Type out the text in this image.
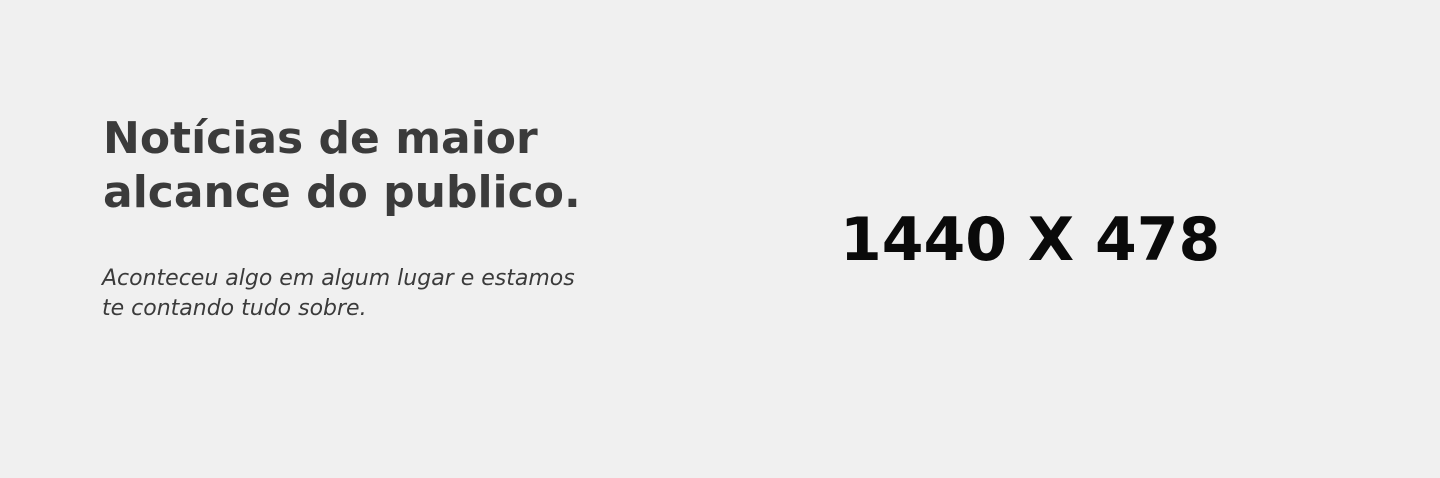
Notícias de maior
alcance do publico.

Aconteceu algo em algum lugar e estamos
te contando tudo sobre.

1440 X 478
